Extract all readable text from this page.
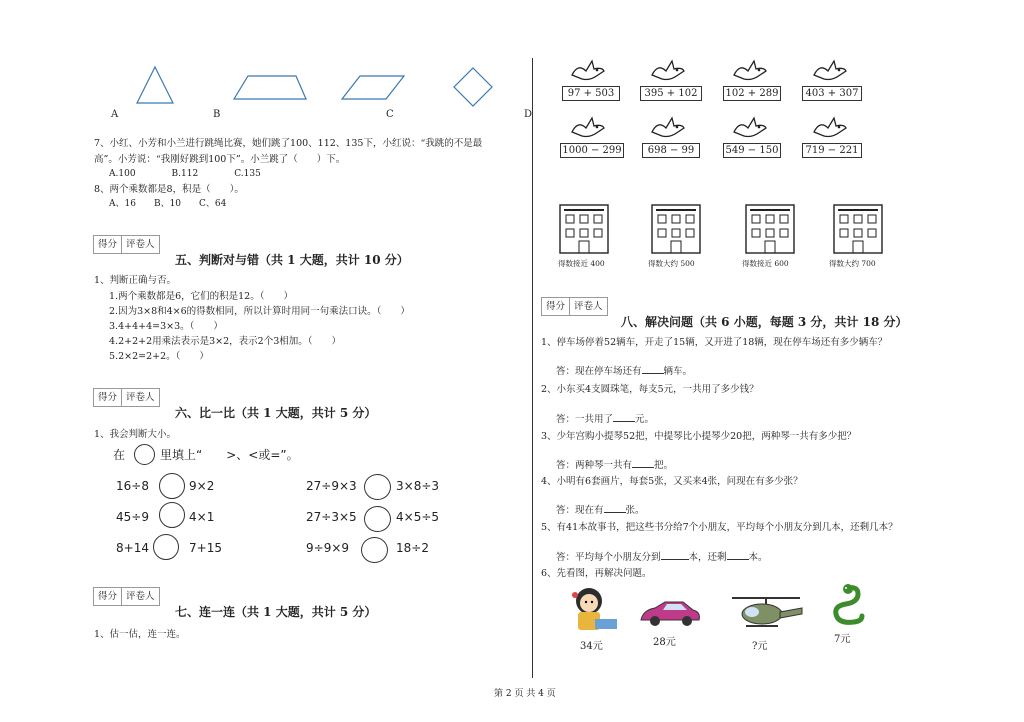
A	B	C	D
7、小红、小芳和小兰进行跳绳比赛，她们跳了100、112、135下，小红说：“我跳的不是最
高”。小芳说：“我刚好跳到100下”。小兰跳了（　　）下。
A.100　　　　B.112　　　　C.135
8、两个乘数都是8，积是（　　）。
A、16　　B、10　　C、64
得分 评卷人
五、判断对与错（共 1 大题，共计 10 分）
1、判断正确与否。
1.两个乘数都是6，它们的积是12。（　　）
2.因为3×8和4×6的得数相同，所以计算时用同一句乘法口诀。（　　）
3.4+4+4=3×3。（　　）
4.2+2+2用乘法表示是3×2，表示2个3相加。（　　）
5.2×2=2+2。（　　）
得分 评卷人
六、比一比（共 1 大题，共计 5 分）
1、我会判断大小。
在	里填上“　　>、<或=”。
16÷8	9×2	27÷9×3	3×8÷3
45÷9	4×1	27÷3×5	4×5÷5
8+14	7+15	9÷9×9	18÷2
得分 评卷人
七、连一连（共 1 大题，共计 5 分）
1、估一估，连一连。
97 + 503	395 + 102	102 + 289	403 + 307
1000 − 299	698 − 99	549 − 150	719 − 221
得数接近 400	得数大约 500	得数接近 600	得数大约 700
得分 评卷人
八、解决问题（共 6 小题，每题 3 分，共计 18 分）
1、停车场停着52辆车，开走了15辆，又开进了18辆，现在停车场还有多少辆车？
答：现在停车场还有 辆车。
2、小东买4支圆珠笔，每支5元，一共用了多少钱？
答：一共用了 元。
3、少年宫购小提琴52把，中提琴比小提琴少20把，两种琴一共有多少把？
答：两种琴一共有 把。
4、小明有6套画片，每套5张，又买来4张，问现在有多少张？
答：现在有 张。
5、有41本故事书，把这些书分给7个小朋友，平均每个小朋友分到几本，还剩几本？
答：平均每个小朋友分到	本，还剩 本。
6、先看图，再解决问题。
34元	28元	?元
7元
第 2 页 共 4 页
